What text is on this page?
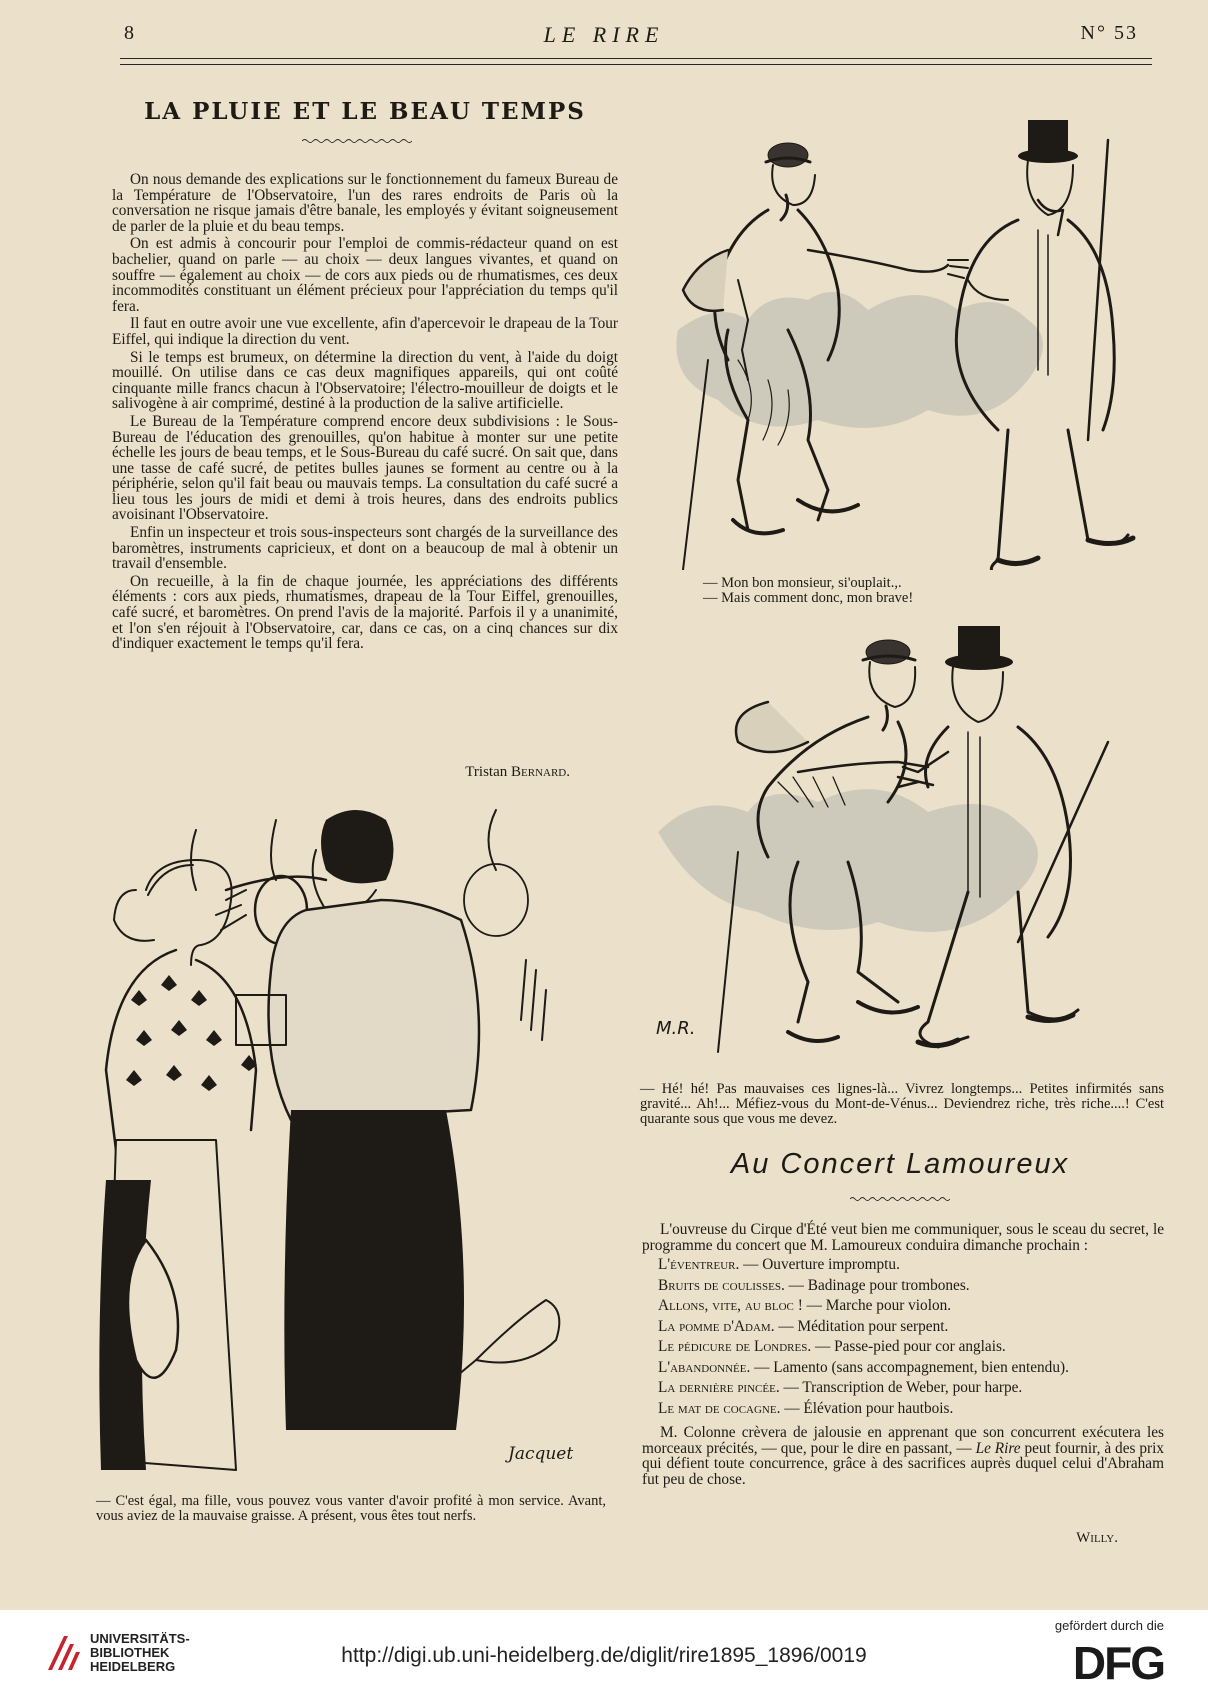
8	LE RIRE	N° 53
LA PLUIE ET LE BEAU TEMPS

On nous demande des explications sur le fonctionnement du fameux Bureau de la Température de l'Observatoire, l'un des rares endroits de Paris où la conversation ne risque jamais d'être banale, les employés y évitant soigneusement de parler de la pluie et du beau temps.

On est admis à concourir pour l'emploi de commis-rédacteur quand on est bachelier, quand on parle — au choix — deux langues vivantes, et quand on souffre — également au choix — de cors aux pieds ou de rhumatismes, ces deux incommodités constituant un élément précieux pour l'appréciation du temps qu'il fera.

Il faut en outre avoir une vue excellente, afin d'apercevoir le drapeau de la Tour Eiffel, qui indique la direction du vent.

Si le temps est brumeux, on détermine la direction du vent, à l'aide du doigt mouillé. On utilise dans ce cas deux magnifiques appareils, qui ont coûté cinquante mille francs chacun à l'Observatoire; l'électro-mouilleur de doigts et le salivogène à air comprimé, destiné à la production de la salive artificielle.

Le Bureau de la Température comprend encore deux subdivisions : le Sous-Bureau de l'éducation des grenouilles, qu'on habitue à monter sur une petite échelle les jours de beau temps, et le Sous-Bureau du café sucré. On sait que, dans une tasse de café sucré, de petites bulles jaunes se forment au centre ou à la périphérie, selon qu'il fait beau ou mauvais temps. La consultation du café sucré a lieu tous les jours de midi et demi à trois heures, dans des endroits publics avoisinant l'Observatoire.

Enfin un inspecteur et trois sous-inspecteurs sont chargés de la surveillance des baromètres, instruments capricieux, et dont on a beaucoup de mal à obtenir un travail d'ensemble.

On recueille, à la fin de chaque journée, les appréciations des différents éléments : cors aux pieds, rhumatismes, drapeau de la Tour Eiffel, grenouilles, café sucré, et baromètres. On prend l'avis de la majorité. Parfois il y a unanimité, et l'on s'en réjouit à l'Observatoire, car, dans ce cas, on a cinq chances sur dix d'indiquer exactement le temps qu'il fera.

Tristan Bernard.

— Mon bon monsieur, si'ouplait.,.

— Mais comment donc, mon brave!

M.R.

— Hé! hé! Pas mauvaises ces lignes-là... Vivrez longtemps... Petites infirmités sans gravité... Ah!... Méfiez-vous du Mont-de-Vénus... Deviendrez riche, très riche....! C'est quarante sous que vous me devez.

Jacquet

— C'est égal, ma fille, vous pouvez vous vanter d'avoir profité à mon service. Avant, vous aviez de la mauvaise graisse. A présent, vous êtes tout nerfs.

Au Concert Lamoureux

L'ouvreuse du Cirque d'Été veut bien me communiquer, sous le sceau du secret, le programme du concert que M. Lamoureux conduira dimanche prochain :

L'éventreur. — Ouverture impromptu.
Bruits de coulisses. — Badinage pour trombones.
Allons, vite, au bloc ! — Marche pour violon.
La pomme d'Adam. — Méditation pour serpent.
Le pédicure de Londres. — Passe-pied pour cor anglais.
L'abandonnée. — Lamento (sans accompagnement, bien entendu).
La dernière pincée. — Transcription de Weber, pour harpe.
Le mat de cocagne. — Élévation pour hautbois.

M. Colonne crèvera de jalousie en apprenant que son concurrent exécutera les morceaux précités, — que, pour le dire en passant, — Le Rire peut fournir, à des prix qui défient toute concurrence, grâce à des sacrifices auprès duquel celui d'Abraham fut peu de chose.

Willy.
UNIVERSITÄTS-
BIBLIOTHEK
HEIDELBERG	http://digi.ub.uni-heidelberg.de/diglit/rire1895_1896/0019
gefördert durch die
DFG
